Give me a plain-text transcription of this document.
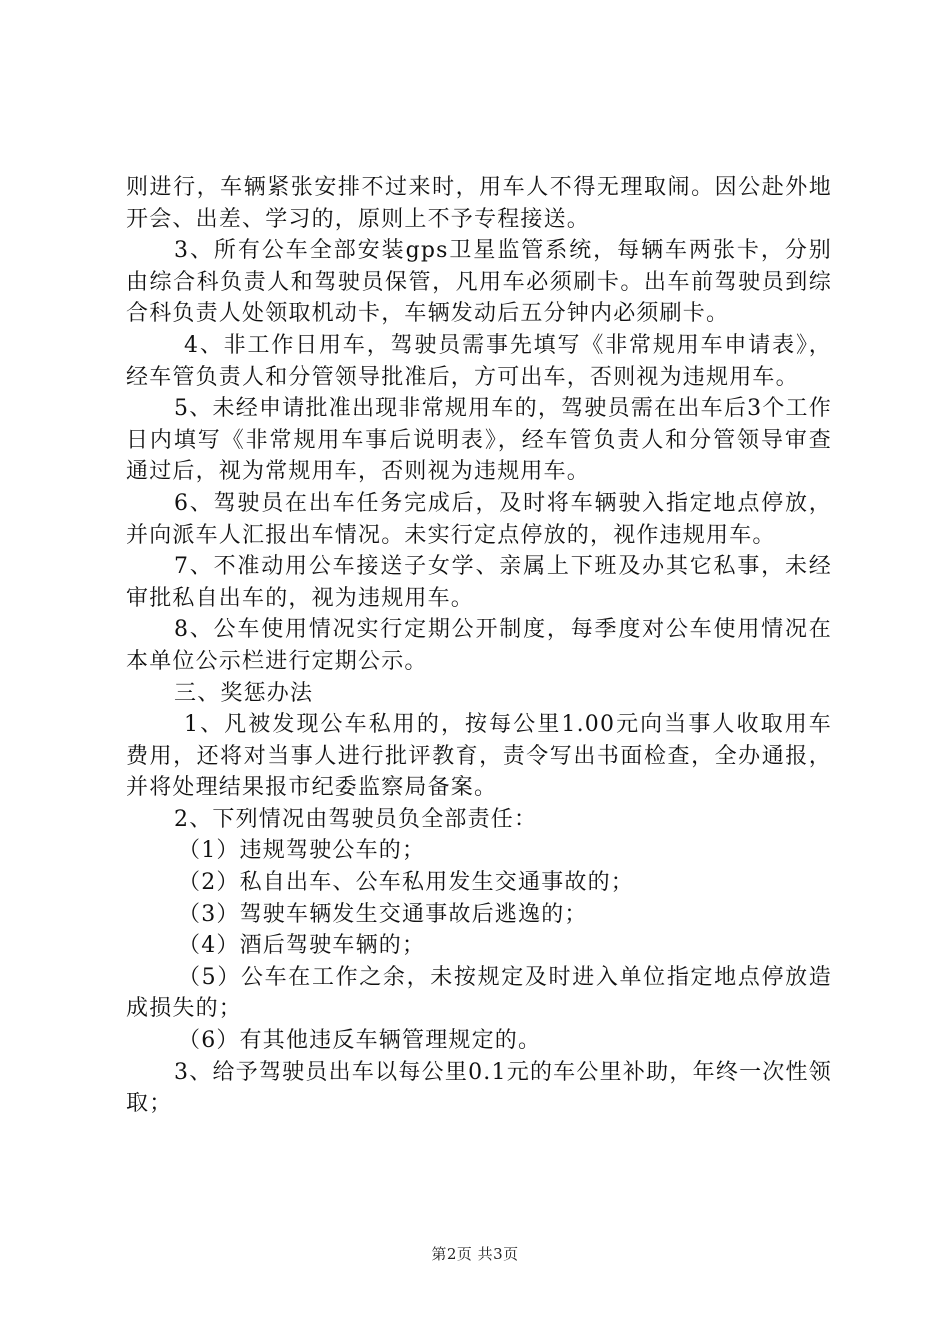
则进行，车辆紧张安排不过来时，用车人不得无理取闹。因公赴外地开会、出差、学习的，原则上不予专程接送。

3、所有公车全部安装gps卫星监管系统，每辆车两张卡，分别由综合科负责人和驾驶员保管，凡用车必须刷卡。出车前驾驶员到综合科负责人处领取机动卡，车辆发动后五分钟内必须刷卡。

4、非工作日用车，驾驶员需事先填写《非常规用车申请表》，经车管负责人和分管领导批准后，方可出车，否则视为违规用车。

5、未经申请批准出现非常规用车的，驾驶员需在出车后3个工作日内填写《非常规用车事后说明表》，经车管负责人和分管领导审查通过后，视为常规用车，否则视为违规用车。

6、驾驶员在出车任务完成后，及时将车辆驶入指定地点停放，并向派车人汇报出车情况。未实行定点停放的，视作违规用车。

7、不准动用公车接送子女学、亲属上下班及办其它私事，未经审批私自出车的，视为违规用车。

8、公车使用情况实行定期公开制度，每季度对公车使用情况在本单位公示栏进行定期公示。

三、奖惩办法

1、凡被发现公车私用的，按每公里1.00元向当事人收取用车费用，还将对当事人进行批评教育，责令写出书面检查，全办通报，并将处理结果报市纪委监察局备案。

2、下列情况由驾驶员负全部责任：

（1）违规驾驶公车的；

（2）私自出车、公车私用发生交通事故的；

（3）驾驶车辆发生交通事故后逃逸的；

（4）酒后驾驶车辆的；

（5）公车在工作之余，未按规定及时进入单位指定地点停放造成损失的；

（6）有其他违反车辆管理规定的。

3、给予驾驶员出车以每公里0.1元的车公里补助，年终一次性领取；

第2页 共3页
